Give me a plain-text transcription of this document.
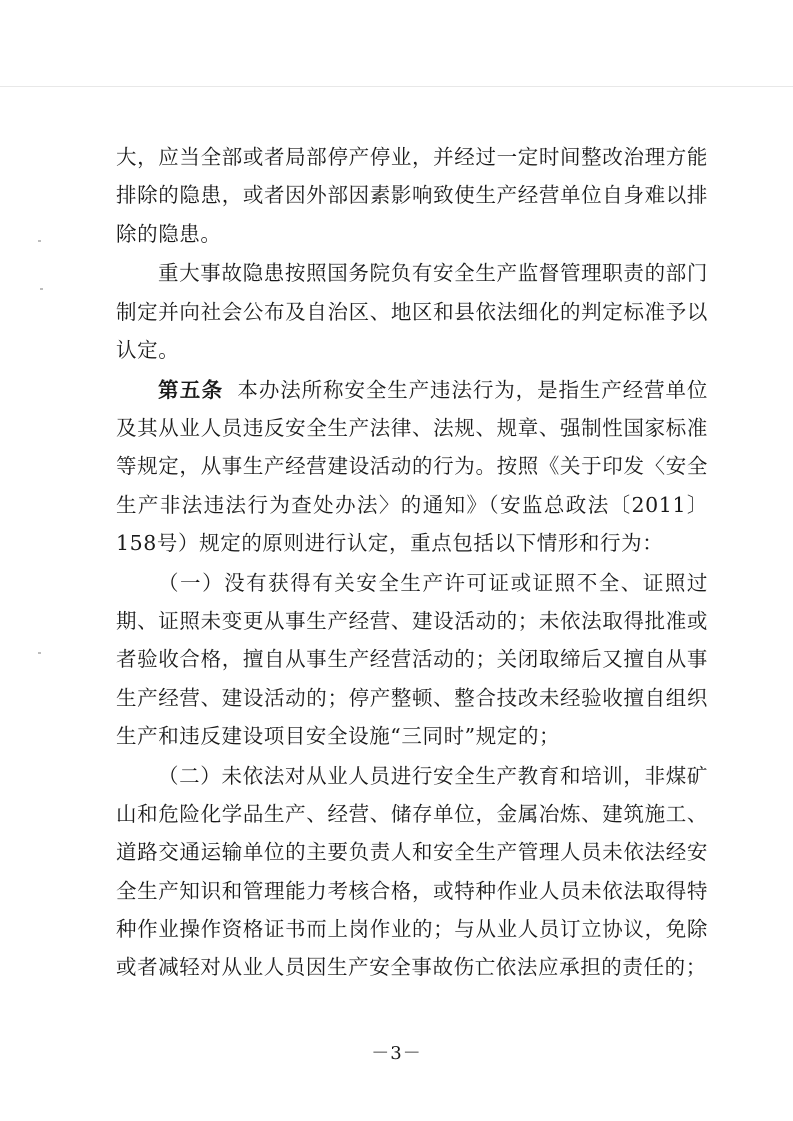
大，应当全部或者局部停产停业，并经过一定时间整改治理方能排除的隐患，或者因外部因素影响致使生产经营单位自身难以排除的隐患。

重大事故隐患按照国务院负有安全生产监督管理职责的部门制定并向社会公布及自治区、地区和县依法细化的判定标准予以认定。

第五条 本办法所称安全生产违法行为，是指生产经营单位及其从业人员违反安全生产法律、法规、规章、强制性国家标准等规定，从事生产经营建设活动的行为。按照《关于印发〈安全生产非法违法行为查处办法〉的通知》（安监总政法〔2011〕158号）规定的原则进行认定，重点包括以下情形和行为：

（一）没有获得有关安全生产许可证或证照不全、证照过期、证照未变更从事生产经营、建设活动的；未依法取得批准或者验收合格，擅自从事生产经营活动的；关闭取缔后又擅自从事生产经营、建设活动的；停产整顿、整合技改未经验收擅自组织生产和违反建设项目安全设施“三同时”规定的；

（二）未依法对从业人员进行安全生产教育和培训，非煤矿山和危险化学品生产、经营、储存单位，金属冶炼、建筑施工、道路交通运输单位的主要负责人和安全生产管理人员未依法经安全生产知识和管理能力考核合格，或特种作业人员未依法取得特种作业操作资格证书而上岗作业的；与从业人员订立协议，免除或者减轻对从业人员因生产安全事故伤亡依法应承担的责任的；

－3－
